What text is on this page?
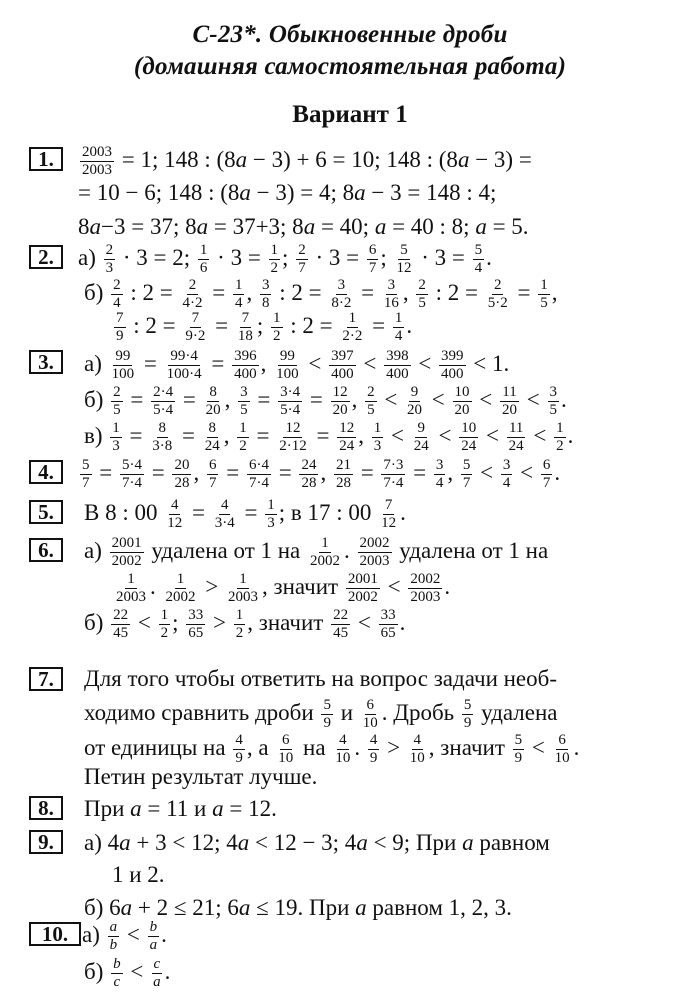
С-23*. Обыкновенные дроби
(домашняя самостоятельная работа)
Вариант 1
1.
2.
3.
4.
5.
6.
7.
8.
9.
10.
$\frac{2003}{2003} = 1$; 148 : (8 a − 3) + 6 = 10; 148 : (8 a − 3) =
= 10 − 6; 148 : (8 a − 3) = 4; 8 a − 3 = 148 : 4;
8 a −3 = 37; 8 a = 37+3; 8 a = 40; a = 40 : 8; a = 5.
$а) \frac{2}{3} \cdot 3 = 2$; $\frac{1}{6} \cdot 3 = \frac{1}{2}$ ; $\frac{2}{7} \cdot 3 = \frac{6}{7}$ ; $\frac{5}{12} \cdot 3 = \frac{5}{4}$ .
$б) \frac{2}{4}$ : $2 = \frac{2}{4\cdot 2} = \frac{1}{4}$ , $\frac{3}{8}$ : $2 = \frac{3}{8\cdot 2} = \frac{3}{16}$ , $\frac{2}{5}$ : $2 = \frac{2}{5\cdot 2} = \frac{1}{5}$ ,
$\frac{7}{9}$ : $2 = \frac{7}{9\cdot 2} = \frac{7}{18}$ ; $\frac{1}{2}$ : $2 = \frac{1}{2\cdot 2} = \frac{1}{4}$ .
$а) \frac{99}{100} = \frac{99\cdot 4}{100\cdot 4} = \frac{396}{400}$ , $\frac{99}{100} < \frac{397}{400} < \frac{398}{400} < \frac{399}{400} < 1$.
$б) \frac{2}{5} = \frac{2\cdot 4}{5\cdot 4} = \frac{8}{20}$ , $\frac{3}{5} = \frac{3\cdot 4}{5\cdot 4} = \frac{12}{20}$ , $\frac{2}{5} < \frac{9}{20} < \frac{10}{20} < \frac{11}{20} < \frac{3}{5}$ .
$в) \frac{1}{3} = \frac{8}{3\cdot 8} = \frac{8}{24}$ , $\frac{1}{2} = \frac{12}{2\cdot 12} = \frac{12}{24}$ , $\frac{1}{3} < \frac{9}{24} < \frac{10}{24} < \frac{11}{24} < \frac{1}{2}$ .
$\frac{5}{7} = \frac{5\cdot 4}{7\cdot 4} = \frac{20}{28}$ , $\frac{6}{7} = \frac{6\cdot 4}{7\cdot 4} = \frac{24}{28}$ , $\frac{21}{28} = \frac{7\cdot 3}{7\cdot 4} = \frac{3}{4}$ , $\frac{5}{7} < \frac{3}{4} < \frac{6}{7}$ .
В 8 : $00 \frac{4}{12} = \frac{4}{3\cdot 4} = \frac{1}{3}$ ; в 17 : $00 \frac{7}{12}$ .
$а) \frac{2001}{2002}$ удалена от 1 на $\frac{1}{2002}$ . $\frac{2002}{2003}$ удалена от 1 на
$\frac{1}{2003}$ . $\frac{1}{2002} > \frac{1}{2003}$ , значит $\frac{2001}{2002} < \frac{2002}{2003}$ .
$б) \frac{22}{45} < \frac{1}{2}$ ; $\frac{33}{65} > \frac{1}{2}$ , значит $\frac{22}{45} < \frac{33}{65}$ .
Для того чтобы ответить на вопрос задачи необ-
ходимо сравнить дроби $\frac{5}{9}$ и $\frac{6}{10}$ . Дробь $\frac{5}{9}$ удалена
от единицы на $\frac{4}{9}$ , а $\frac{6}{10}$ на $\frac{4}{10}$ . $\frac{4}{9} > \frac{4}{10}$ , значит $\frac{5}{9} < \frac{6}{10}$ .
Петин результат лучше.
При a = 11 и a = 12.
а) 4 a + 3 < 12; 4 a < 12 − 3; 4 a < 9; При a равном
1 и 2.
б) 6 a + 2 ≤ 21; 6 a ≤ 19. При a равном 1, 2, 3.
$а) \frac{a}{b} < \frac{b}{a}$ .
$б) \frac{b}{c} < \frac{c}{a}$ .
